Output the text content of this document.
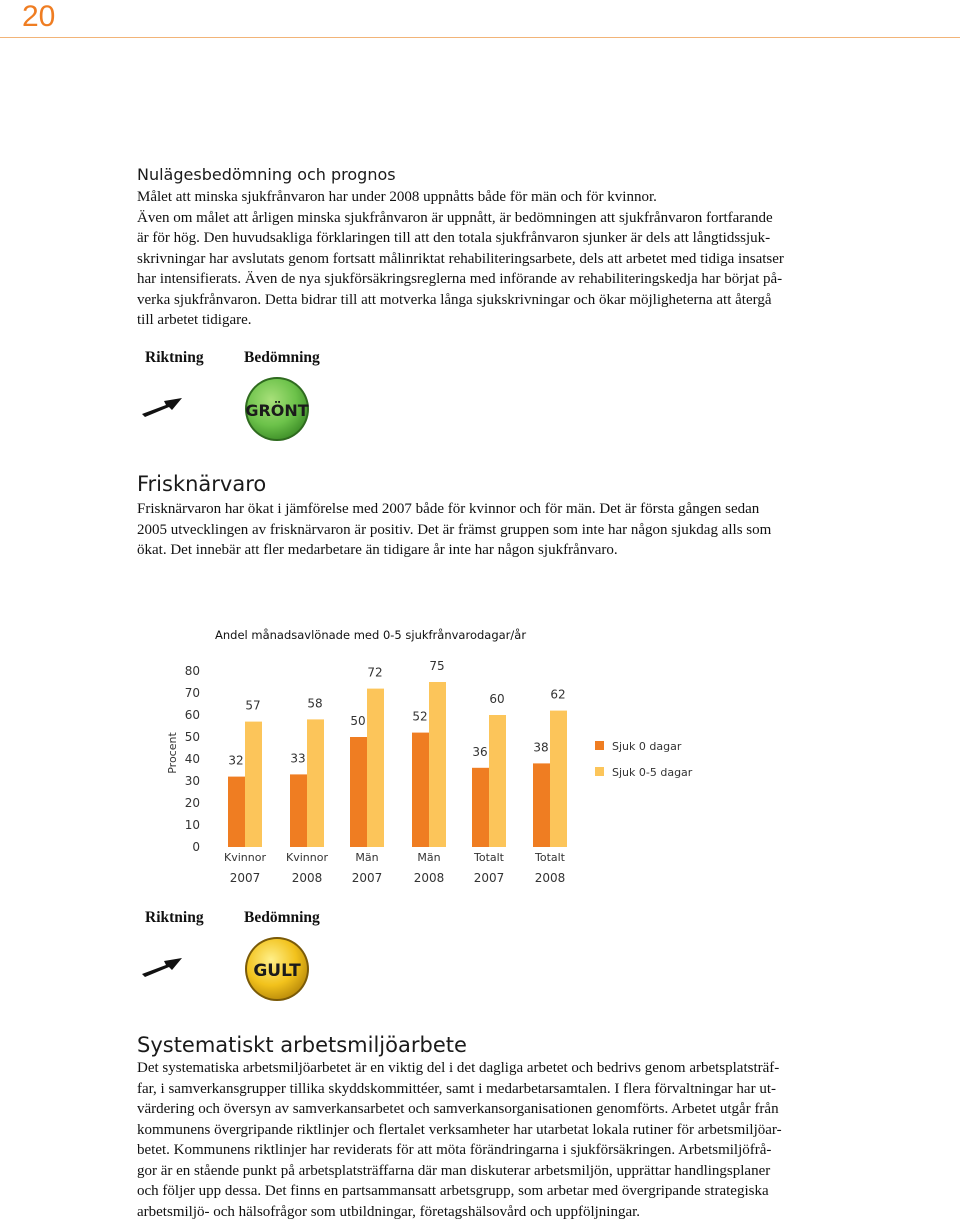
20
Nulägesbedömning och prognos
Målet att minska sjukfrånvaron har under 2008 uppnåtts både för män och för kvinnor.
Även om målet att årligen minska sjukfrånvaron är uppnått, är bedömningen att sjukfrånvaron fortfarande
är för hög. Den huvudsakliga förklaringen till att den totala sjukfrånvaron sjunker är dels att långtidssjuk-
skrivningar har avslutats genom fortsatt målinriktat rehabiliteringsarbete, dels att arbetet med tidiga insatser
har intensifierats. Även de nya sjukförsäkringsreglerna med införande av rehabiliteringskedja har börjat på-
verka sjukfrånvaron. Detta bidrar till att motverka långa sjukskrivningar och ökar möjligheterna att återgå
till arbetet tidigare.
Riktning	Bedömning
GRÖNT
Frisknärvaro
Frisknärvaron har ökat i jämförelse med 2007 både för kvinnor och för män. Det är första gången sedan
2005 utvecklingen av frisknärvaron är positiv. Det är främst gruppen som inte har någon sjukdag alls som
ökat. Det innebär att fler medarbetare än tidigare år inte har någon sjukfrånvaro.
Andel månadsavlönade med 0-5 sjukfrånvarodagar/år
Procent
0
10
20
30
40
50
60
70
80
32
57
Kvinnor
2007
33
58
Kvinnor
2008
50
72
Män
2007
52
75
Män
2008
36
60
Totalt
2007
38
62
Totalt
2008
Sjuk 0 dagar
Sjuk 0-5 dagar
Riktning	Bedömning
GULT
Systematiskt arbetsmiljöarbete
Det systematiska arbetsmiljöarbetet är en viktig del i det dagliga arbetet och bedrivs genom arbetsplatsträf-
far, i samverkansgrupper tillika skyddskommittéer, samt i medarbetarsamtalen. I flera förvaltningar har ut-
värdering och översyn av samverkansarbetet och samverkansorganisationen genomförts. Arbetet utgår från
kommunens övergripande riktlinjer och flertalet verksamheter har utarbetat lokala rutiner för arbetsmiljöar-
betet. Kommunens riktlinjer har reviderats för att möta förändringarna i sjukförsäkringen. Arbetsmiljöfrå-
gor är en stående punkt på arbetsplatsträffarna där man diskuterar arbetsmiljön, upprättar handlingsplaner
och följer upp dessa. Det finns en partsammansatt arbetsgrupp, som arbetar med övergripande strategiska
arbetsmiljö- och hälsofrågor som utbildningar, företagshälsovård och uppföljningar.
